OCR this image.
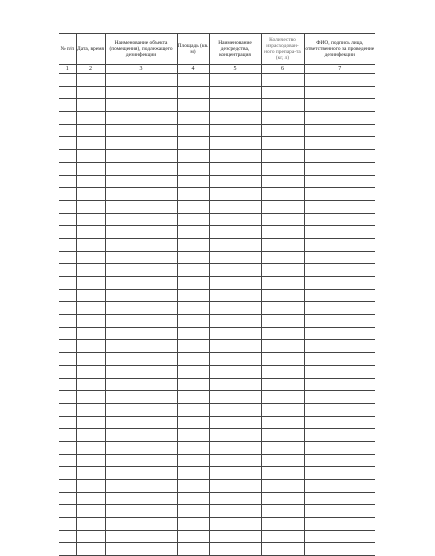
№ п/п	Дата, время	Наименование объекта (помещения), подлежащего дезинфекции	Площадь (кв. м)	Наименование дезсредства, концентрация	Количество израсходован-ного препара-та (кг, л)	ФИО, подпись лица, ответственного за проведение дезинфекции
1	2	3	4	5	6	7
